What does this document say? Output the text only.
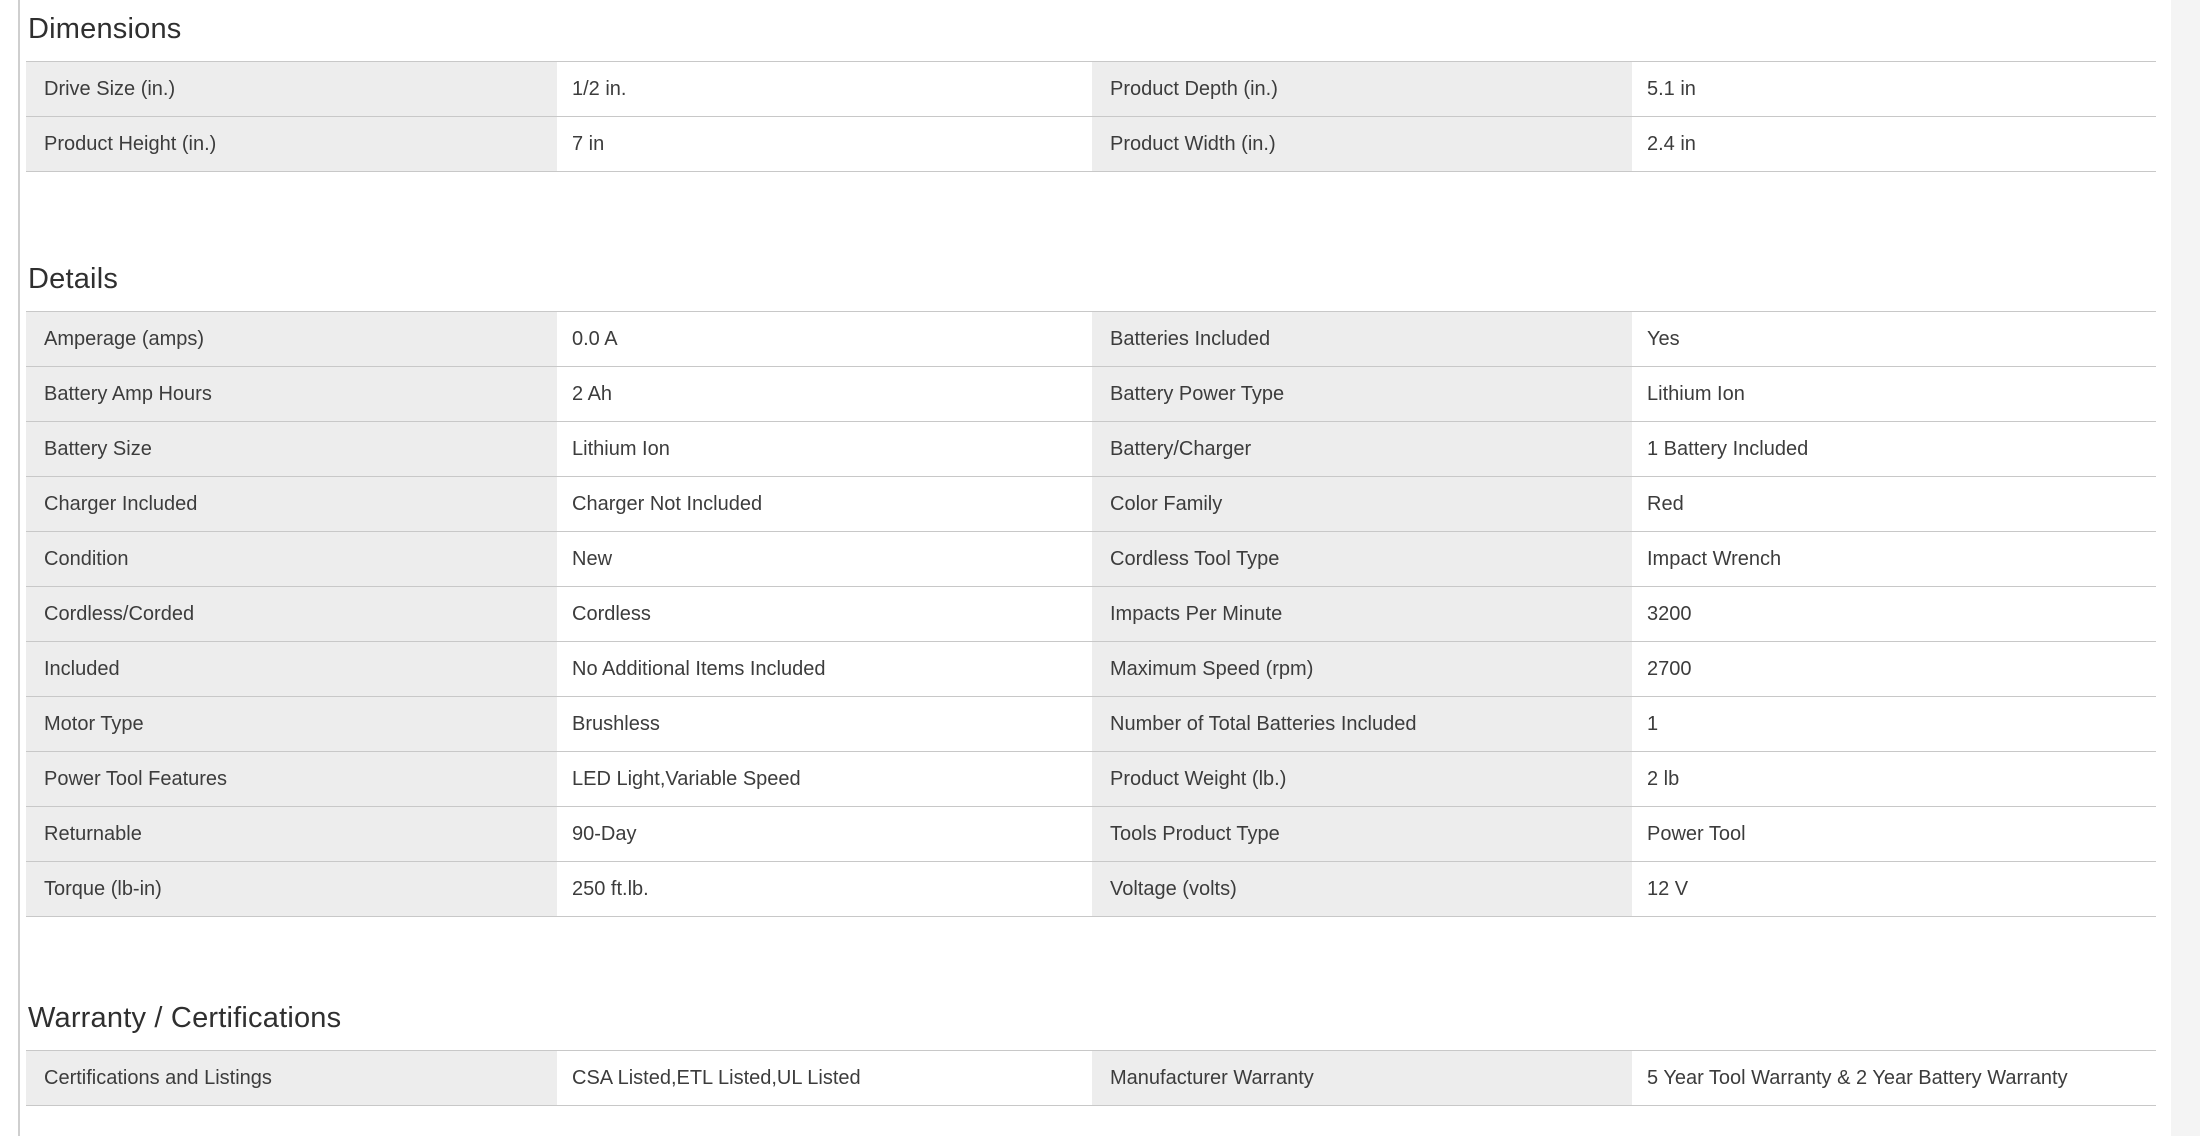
Dimensions
Drive Size (in.)	1/2 in.	Product Depth (in.)	5.1 in
Product Height (in.)	7 in	Product Width (in.)	2.4 in
Details
Amperage (amps)	0.0 A	Batteries Included	Yes
Battery Amp Hours	2 Ah	Battery Power Type	Lithium Ion
Battery Size	Lithium Ion	Battery/Charger	1 Battery Included
Charger Included	Charger Not Included	Color Family	Red
Condition	New	Cordless Tool Type	Impact Wrench
Cordless/Corded	Cordless	Impacts Per Minute	3200
Included	No Additional Items Included	Maximum Speed (rpm)	2700
Motor Type	Brushless	Number of Total Batteries Included	1
Power Tool Features	LED Light,Variable Speed	Product Weight (lb.)	2 lb
Returnable	90-Day	Tools Product Type	Power Tool
Torque (lb-in)	250 ft.lb.	Voltage (volts)	12 V
Warranty / Certifications
Certifications and Listings	CSA Listed,ETL Listed,UL Listed	Manufacturer Warranty	5 Year Tool Warranty & 2 Year Battery Warranty
